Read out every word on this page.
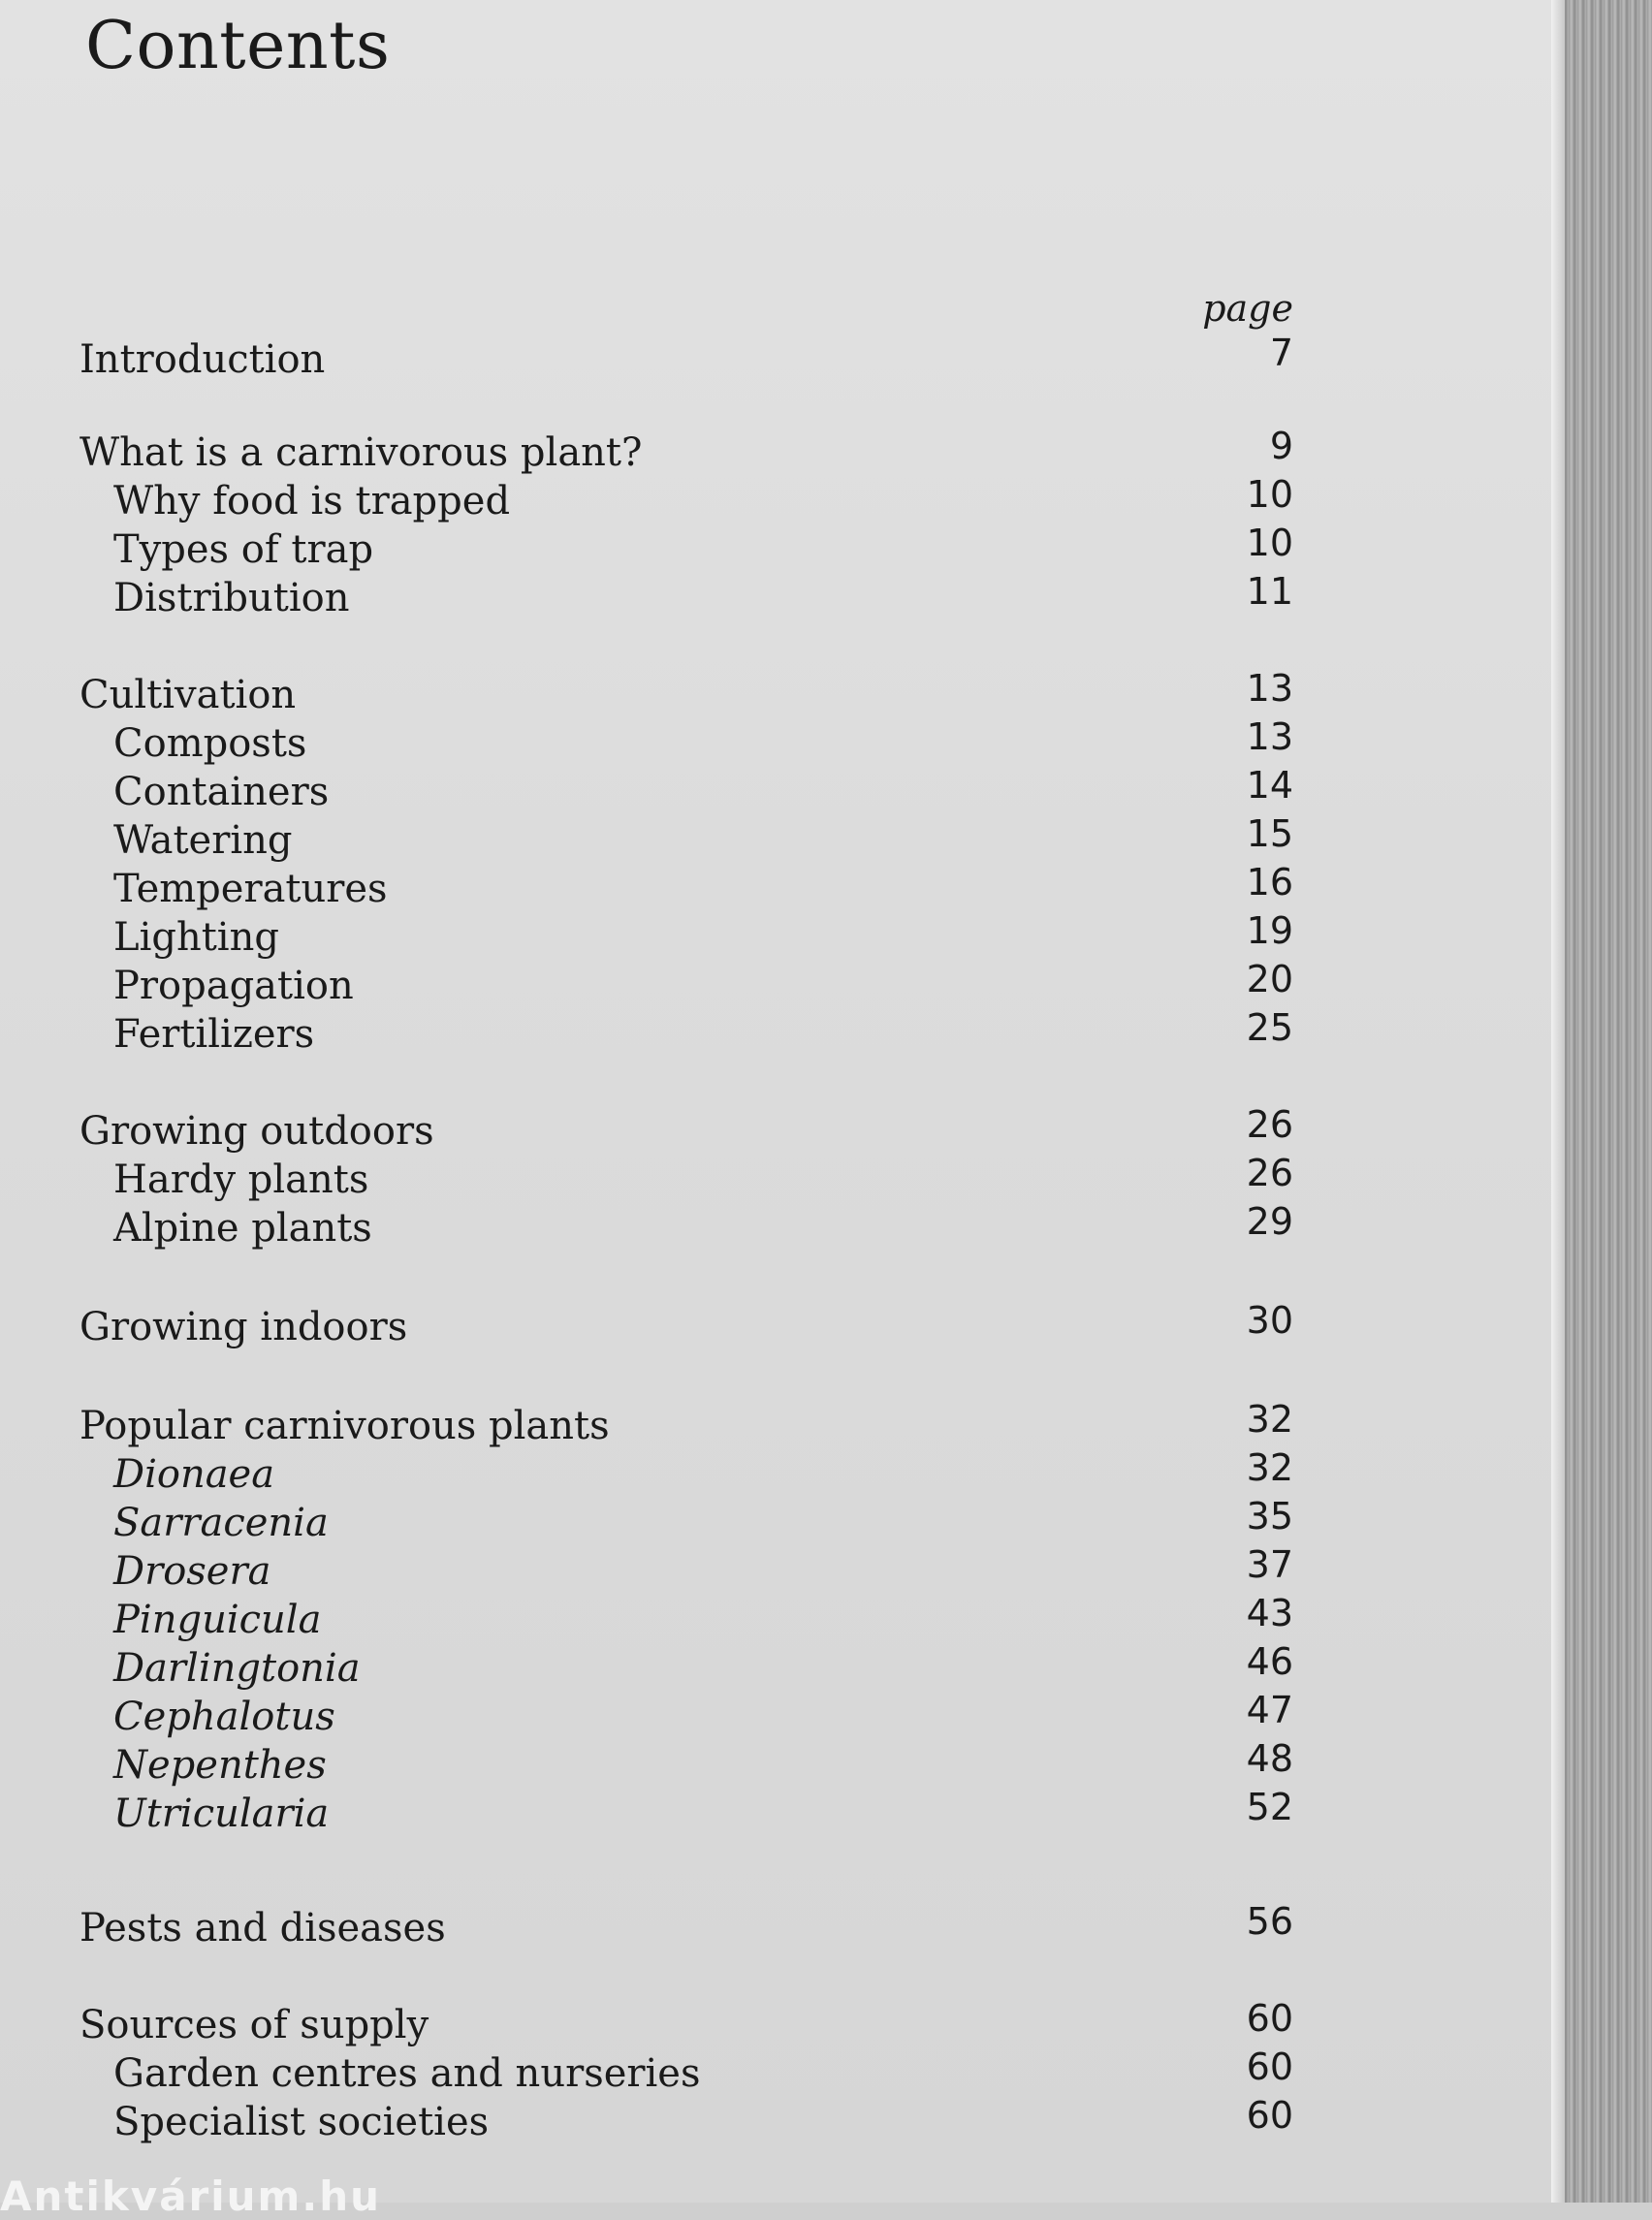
Contents
page
Introduction	7
What is a carnivorous plant?	9
Why food is trapped	10
Types of trap	10
Distribution	11
Cultivation	13
Composts	13
Containers	14
Watering	15
Temperatures	16
Lighting	19
Propagation	20
Fertilizers	25
Growing outdoors	26
Hardy plants	26
Alpine plants	29
Growing indoors	30
Popular carnivorous plants	32
Dionaea	32
Sarracenia	35
Drosera	37
Pinguicula	43
Darlingtonia	46
Cephalotus	47
Nepenthes	48
Utricularia	52
Pests and diseases	56
Sources of supply	60
Garden centres and nurseries	60
Specialist societies	60
Antikvárium.hu
